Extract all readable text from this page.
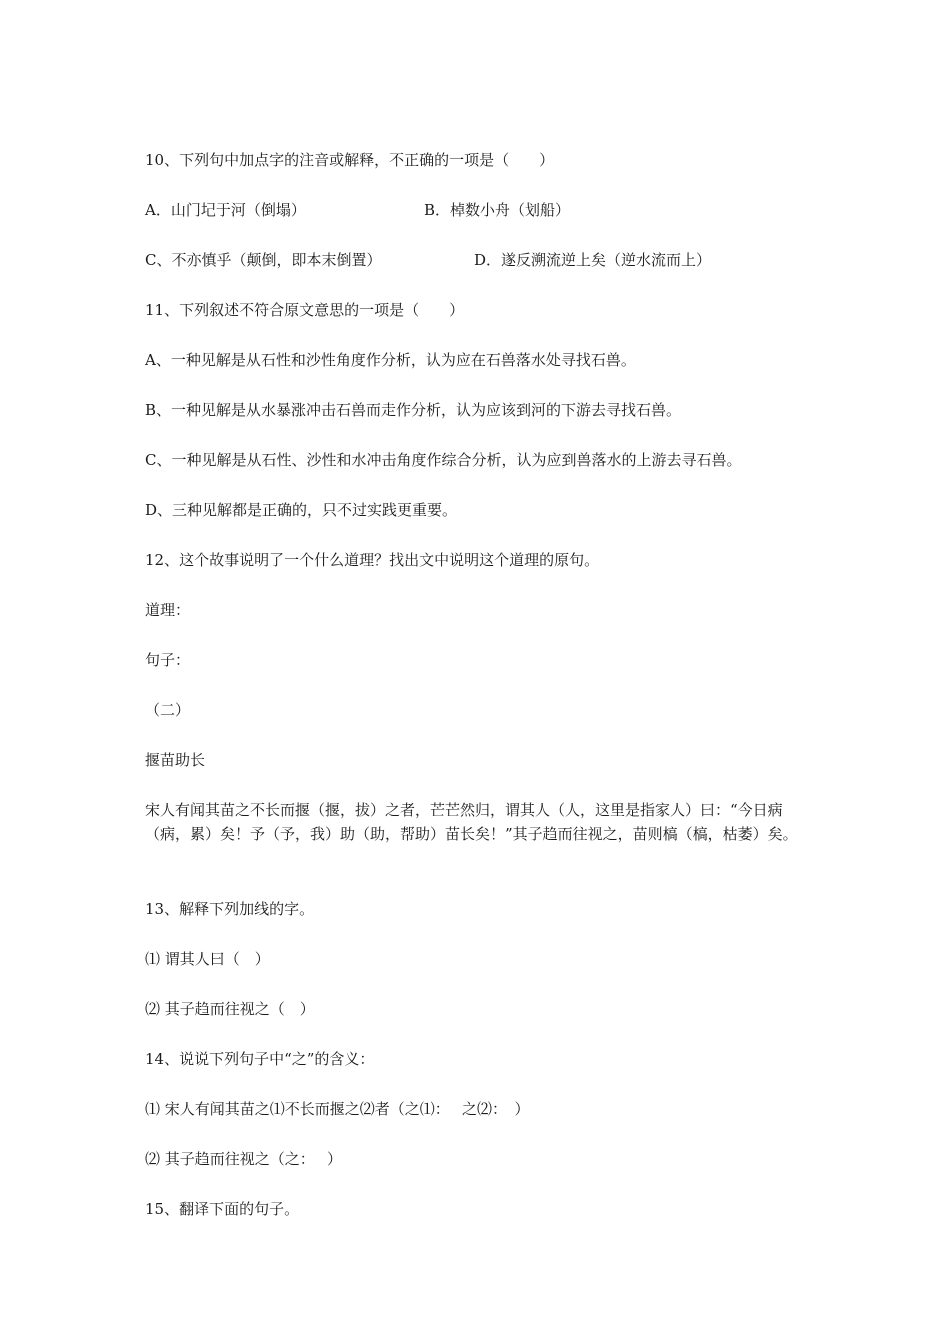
10、下列句中加点字的注音或解释，不正确的一项是（　　）
A．山门圮于河（倒塌）	B．棹数小舟（划船）
C、不亦慎乎（颠倒，即本末倒置）	D．遂反溯流逆上矣（逆水流而上）
11、下列叙述不符合原文意思的一项是（　　）
A、一种见解是从石性和沙性角度作分析，认为应在石兽落水处寻找石兽。
B、一种见解是从水暴涨冲击石兽而走作分析，认为应该到河的下游去寻找石兽。
C、一种见解是从石性、沙性和水冲击角度作综合分析，认为应到兽落水的上游去寻石兽。
D、三种见解都是正确的，只不过实践更重要。
12、这个故事说明了一个什么道理？找出文中说明这个道理的原句。
道理：
句子：
（二）
揠苗助长
宋人有闻其苗之不长而揠（揠，拔）之者，芒芒然归，谓其人（人，这里是指家人）曰：“今日病（病，累）矣！予（予，我）助（助，帮助）苗长矣！”其子趋而往视之，苗则槁（槁，枯萎）矣。
13、解释下列加线的字。
⑴ 谓其人曰（　）
⑵ 其子趋而往视之（　）
14、说说下列句子中“之”的含义：
⑴ 宋人有闻其苗之⑴不长而揠之⑵者（之⑴：　 之⑵：　）
⑵ 其子趋而往视之（之：　 ）
15、翻译下面的句子。
